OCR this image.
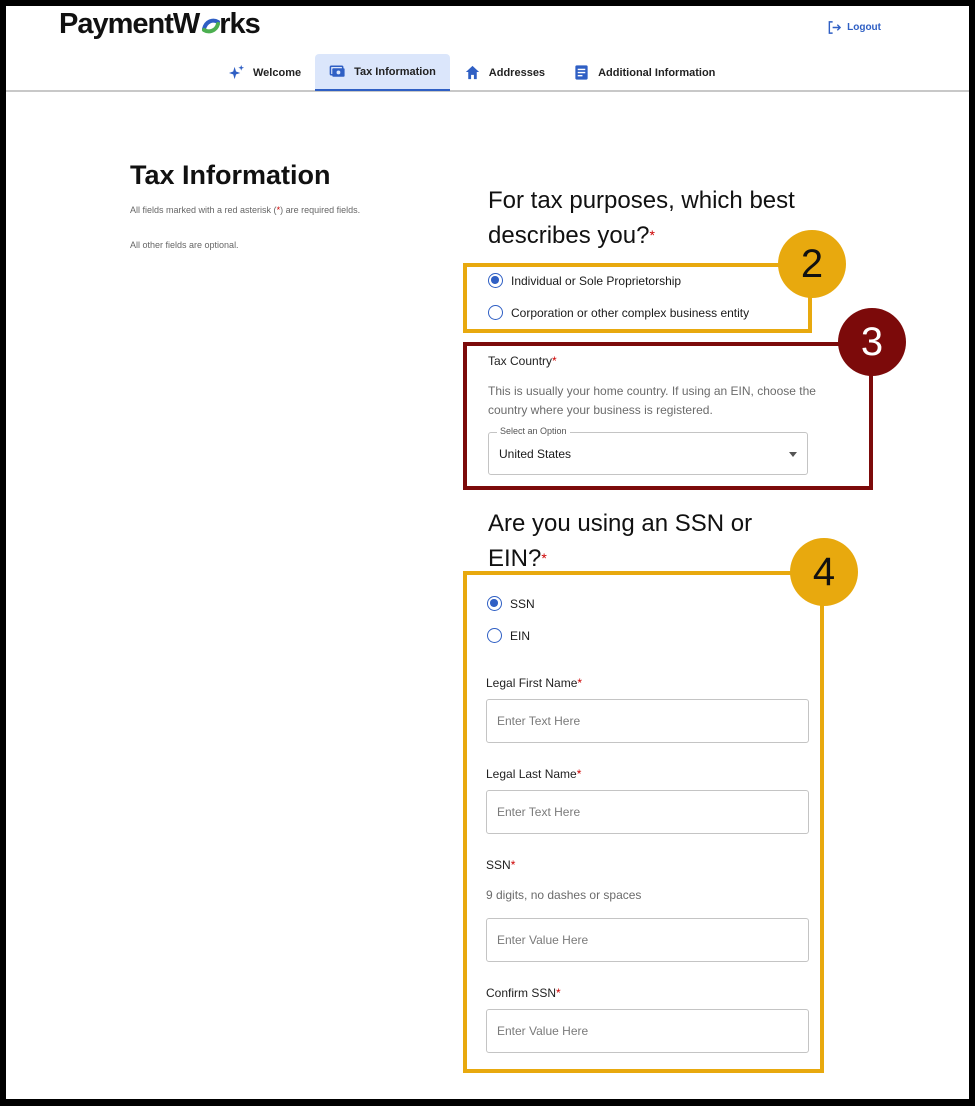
PaymentW rks	Logout
Welcome	Tax Information	Addresses	Additional Information
Tax Information
All fields marked with a red asterisk (*) are required fields.
All other fields are optional.
For tax purposes, which best describes you?*
Individual or Sole Proprietorship
Corporation or other complex business entity
Tax Country*
This is usually your home country. If using an EIN, choose the country where your business is registered.
Select an Option
United States
Are you using an SSN or EIN?*
SSN
EIN
Legal First Name*
Enter Text Here
Legal Last Name*
Enter Text Here
SSN*
9 digits, no dashes or spaces
Enter Value Here
Confirm SSN*
Enter Value Here
2
3
4
